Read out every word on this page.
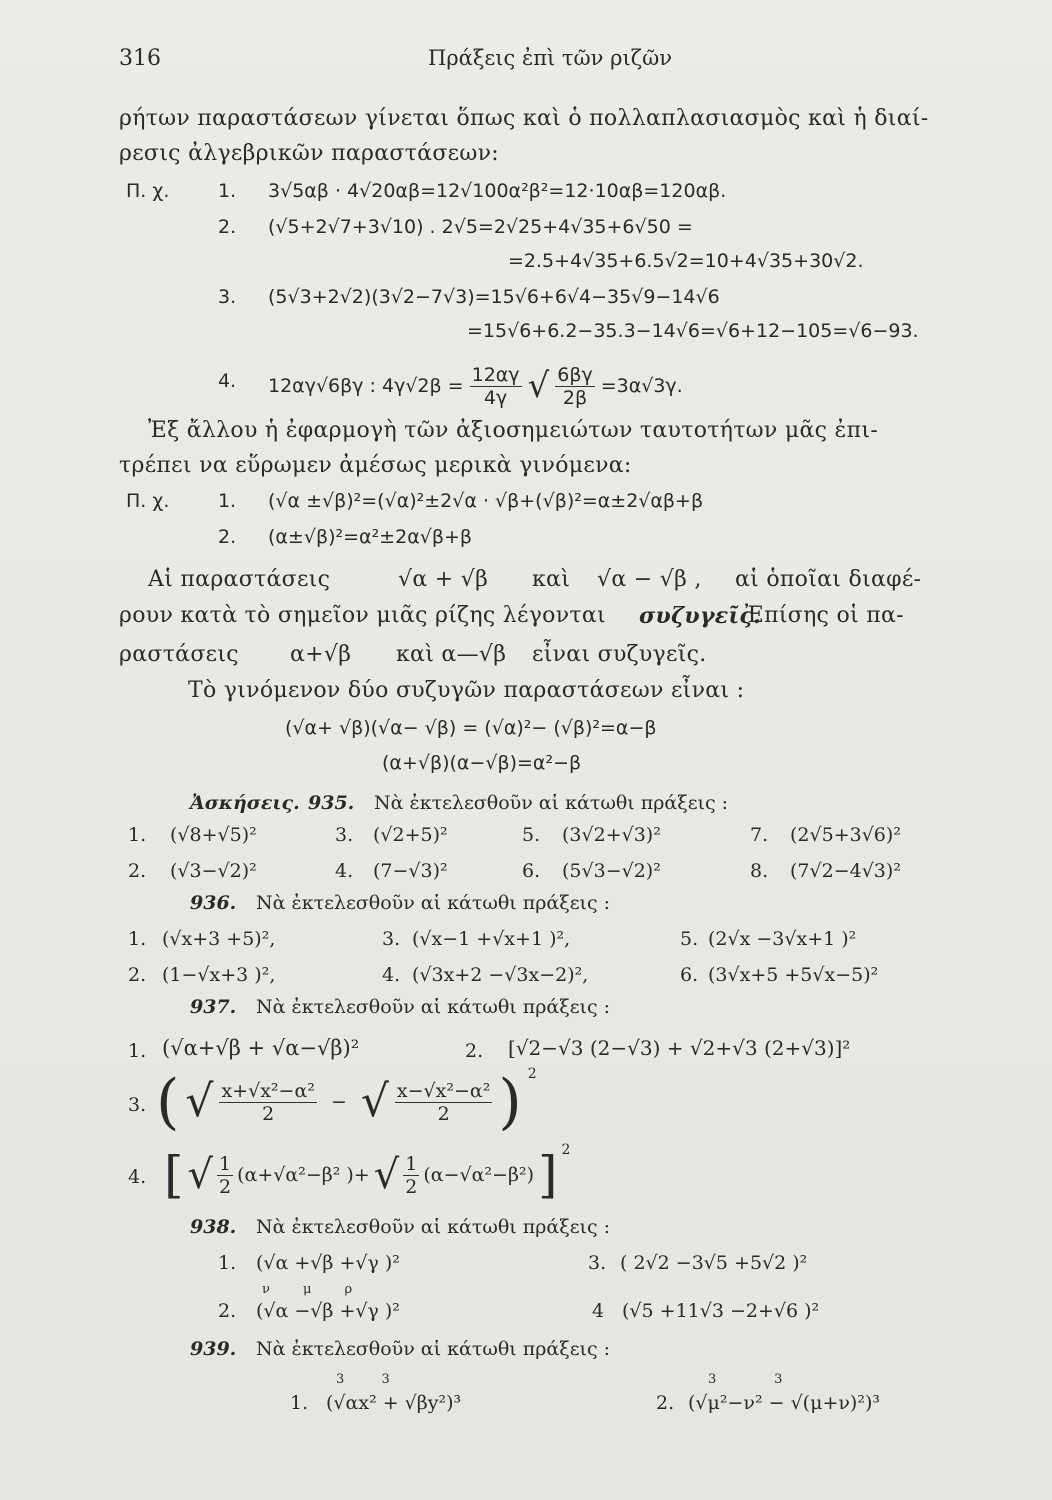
316	Πράξεις ἐπὶ τῶν ριζῶν
ρήτων παραστάσεων γίνεται ὅπως καὶ ὁ πολλαπλασιασμὸς καὶ ἡ διαί-
ρεσις ἀλγεβρικῶν παραστάσεων:
Π. χ.	1. 3√5αβ · 4√20αβ=12√100α²β²=12·10αβ=120αβ.
2. (√5+2√7+3√10) . 2√5=2√25+4√35+6√50 =
=2.5+4√35+6.5√2=10+4√35+30√2.
3. (5√3+2√2)(3√2−7√3)=15√6+6√4−35√9−14√6
=15√6+6.2−35.3−14√6=√6+12−105=√6−93.
4. 12αγ√6βγ : $4\gamma√2\beta = \frac{12\alpha\gamma}{4\gamma}$ √ $\frac{6\beta\gamma}{2\beta} =3\alpha√3\gamma$.
Ἐξ ἄλλου ἡ ἐφαρμογὴ τῶν ἀξιοσημειώτων ταυτοτήτων μᾶς ἐπι-
τρέπει να εὕρωμεν ἀμέσως μερικὰ γινόμενα:
Π. χ.	1. (√α ±√β)²=(√α)²±2√α · √β+(√β)²=α±2√αβ+β
2. (α±√β)²=α²±2α√β+β
Αἱ παραστάσεις	√α + √β καὶ √α − √β , αἱ ὁποῖαι διαφέ-
ρουν κατὰ τὸ σημεῖον μιᾶς ρίζης λέγονται συζυγεῖς.
Ἐπίσης οἱ πα-
ραστάσεις α+√β καὶ α—√β εἶναι συζυγεῖς.
Τὸ γινόμενον δύο συζυγῶν παραστάσεων εἶναι :
(√α+ √β)(√α− √β) = (√α)²− (√β)²=α−β
(α+√β)(α−√β)=α²−β
Ἀσκήσεις. 935. Νὰ ἐκτελεσθοῦν αἱ κάτωθι πράξεις :
1. (√8+√5)²	3. (√2+5)²	5. (3√2+√3)²	7. (2√5+3√6)²
2. (√3−√2)²	4. (7−√3)²	6. (5√3−√2)²	8. (7√2−4√3)²
936. Νὰ ἐκτελεσθοῦν αἱ κάτωθι πράξεις :
1. (√x+3 +5)²,	3. (√x−1 +√x+1 )²,	5. (2√x −3√x+1 )²
2. (1−√x+3 )²,	4. (√3x+2 −√3x−2)²,	6. (3√x+5 +5√x−5)²
937. Νὰ ἐκτελεσθοῦν αἱ κάτωθι πράξεις :
1. (√α+√β + √α−√β)²	2. [√2−√3 (2−√3) + √2+√3 (2+√3)]²
3. ( √ $\frac{\text{x+√x²−α²}}{2}$ − √ $\frac{\text{x−√x²−α²}}{2}$ ) $^2$
4. [ √ $\frac{1}{2} (\alpha+√\alpha^2-\beta^2$ )+ √ $\frac{1}{2} (\alpha-√\alpha^2-\beta^2)$ ] $^2$
938. Νὰ ἐκτελεσθοῦν αἱ κάτωθι πράξεις :
1. (√α +√β +√γ )²	3. ( 2√2 −3√5 +5√2 )²
ν        μ        ρ
2. (√α −√β +√γ )²	4 (√5 +11√3 −2+√6 )²
939. Νὰ ἐκτελεσθοῦν αἱ κάτωθι πράξεις :
3         3
1. (√αx² + √βy²)³
3              3
2. (√μ²−ν² − √(μ+ν)²)³
